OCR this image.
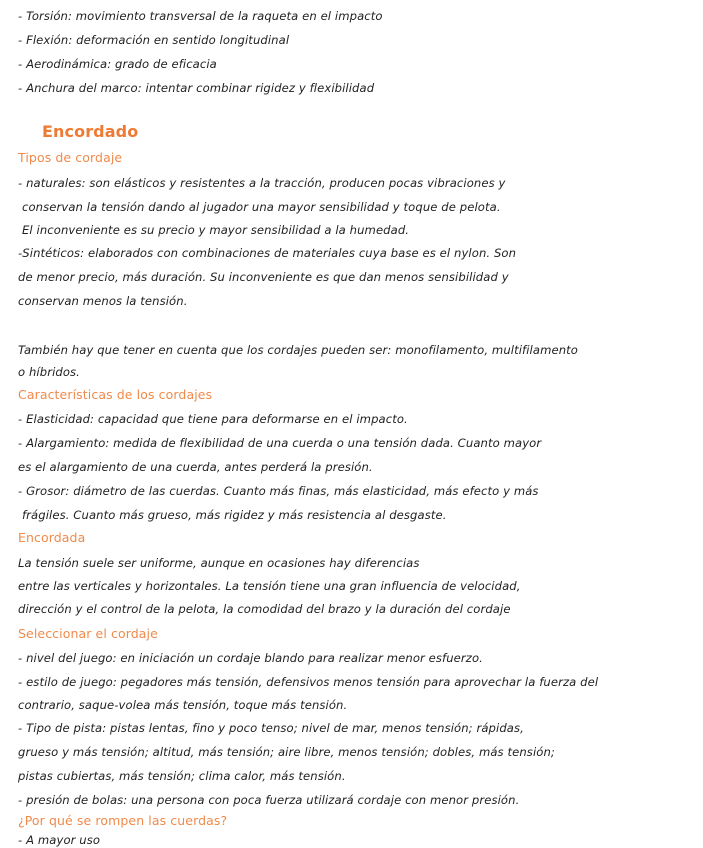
- Torsión: movimiento transversal de la raqueta en el impacto
- Flexión: deformación en sentido longitudinal
- Aerodinámica: grado de eficacia
- Anchura del marco: intentar combinar rigidez y flexibilidad
Encordado
Tipos de cordaje
- naturales: son elásticos y resistentes a la tracción, producen pocas vibraciones y
conservan la tensión dando al jugador una mayor sensibilidad y toque de pelota.
El inconveniente es su precio y mayor sensibilidad a la humedad.
-Sintéticos: elaborados con combinaciones de materiales cuya base es el nylon. Son
de menor precio, más duración. Su inconveniente es que dan menos sensibilidad y
conservan menos la tensión.
También hay que tener en cuenta que los cordajes pueden ser: monofilamento, multifilamento
o híbridos.
Características de los cordajes
- Elasticidad: capacidad que tiene para deformarse en el impacto.
- Alargamiento: medida de flexibilidad de una cuerda o una tensión dada. Cuanto mayor
es el alargamiento de una cuerda, antes perderá la presión.
- Grosor: diámetro de las cuerdas. Cuanto más finas, más elasticidad, más efecto y más
frágiles. Cuanto más grueso, más rigidez y más resistencia al desgaste.
Encordada
La tensión suele ser uniforme, aunque en ocasiones hay diferencias
entre las verticales y horizontales. La tensión tiene una gran influencia de velocidad,
dirección y el control de la pelota, la comodidad del brazo y la duración del cordaje
Seleccionar el cordaje
- nivel del juego: en iniciación un cordaje blando para realizar menor esfuerzo.
- estilo de juego: pegadores más tensión, defensivos menos tensión para aprovechar la fuerza del
contrario, saque-volea más tensión, toque más tensión.
- Tipo de pista: pistas lentas, fino y poco tenso; nivel de mar, menos tensión; rápidas,
grueso y más tensión; altitud, más tensión; aire libre, menos tensión; dobles, más tensión;
pistas cubiertas, más tensión; clima calor, más tensión.
- presión de bolas: una persona con poca fuerza utilizará cordaje con menor presión.
¿Por qué se rompen las cuerdas?
- A mayor uso
